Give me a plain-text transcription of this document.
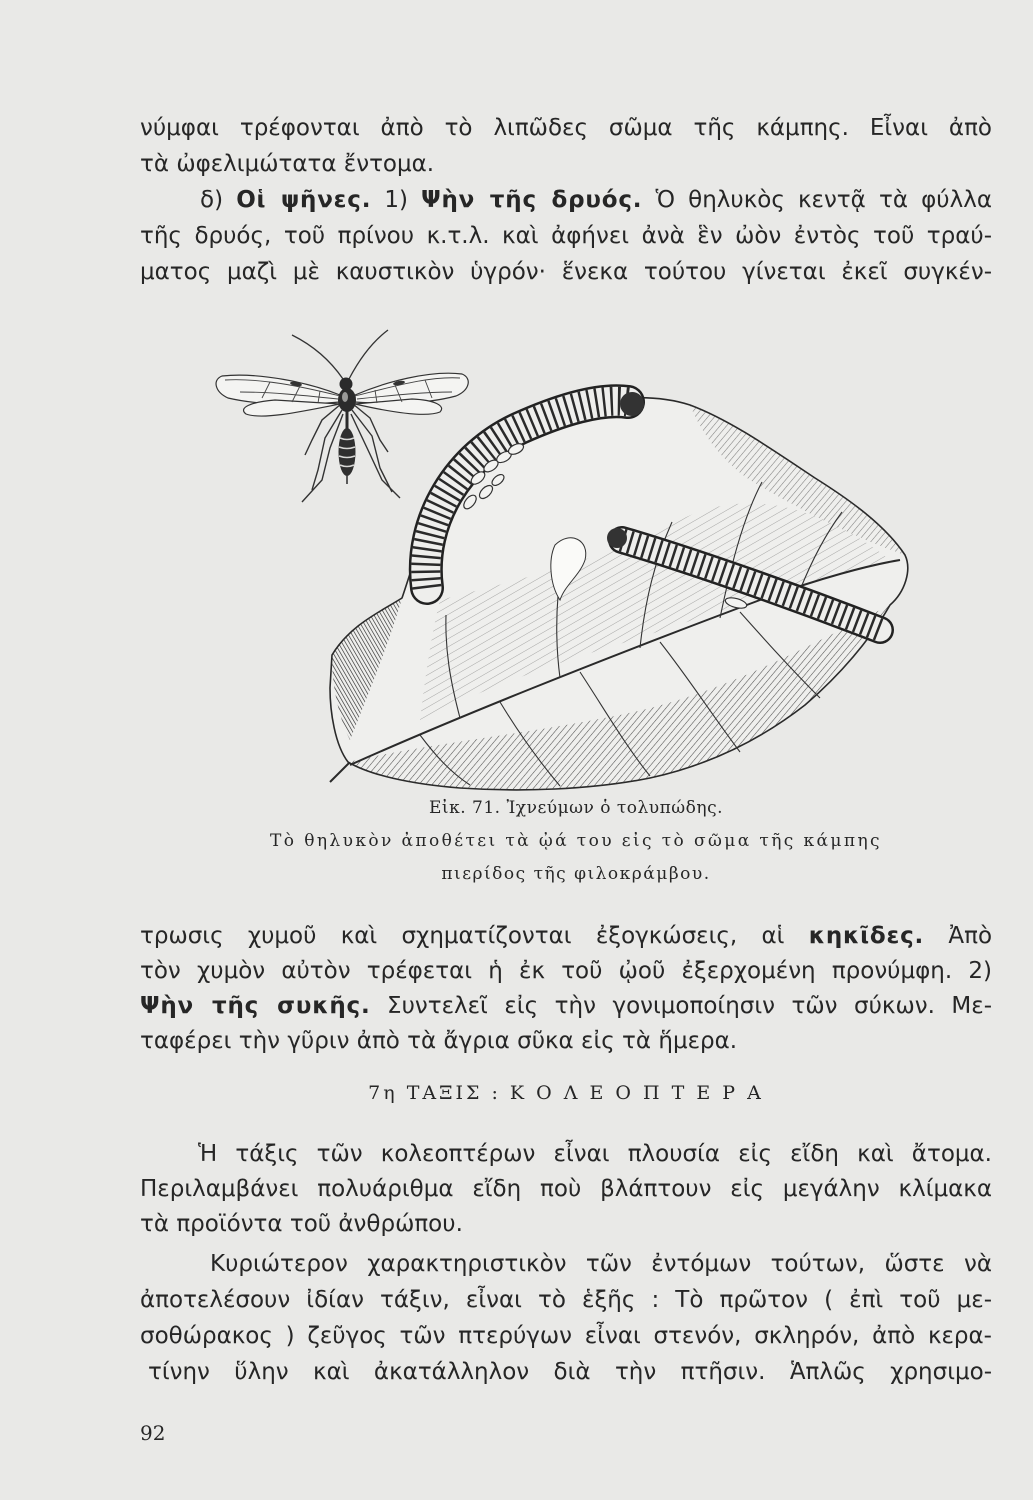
νύμφαι τρέφονται ἀπὸ τὸ λιπῶδες σῶμα τῆς κάμπης. Εἶναι ἀπὸ
τὰ ὠφελιμώτατα ἔντομα.
δ) Οἱ ψῆνες. 1) Ψὴν τῆς δρυός. Ὁ θηλυκὸς κεντᾷ τὰ φύλλα
τῆς δρυός, τοῦ πρίνου κ.τ.λ. καὶ ἀφήνει ἀνὰ ἓν ὠὸν ἐντὸς τοῦ τραύ-
ματος μαζὶ μὲ καυστικὸν ὑγρόν· ἕνεκα τούτου γίνεται ἐκεῖ συγκέν-
Εἰκ. 71. Ἰχνεύμων ὁ τολυπώδης.
Τὸ θηλυκὸν ἀποθέτει τὰ ᾠά του εἰς τὸ σῶμα τῆς κάμπης
πιερίδος τῆς φιλοκράμβου.
τρωσις χυμοῦ καὶ σχηματίζονται ἐξογκώσεις, αἱ κηκῖδες. Ἀπὸ
τὸν χυμὸν αὐτὸν τρέφεται ἡ ἐκ τοῦ ᾠοῦ ἐξερχομένη προνύμφη. 2)
Ψὴν τῆς συκῆς. Συντελεῖ εἰς τὴν γονιμοποίησιν τῶν σύκων. Με-
ταφέρει τὴν γῦριν ἀπὸ τὰ ἄγρια σῦκα εἰς τὰ ἥμερα.
7η ΤΑΞΙΣ : Κ Ο Λ Ε Ο Π Τ Ε Ρ Α
Ἡ τάξις τῶν κολεοπτέρων εἶναι πλουσία εἰς εἴδη καὶ ἄτομα.
Περιλαμβάνει πολυάριθμα εἴδη ποὺ βλάπτουν εἰς μεγάλην κλίμακα
τὰ προϊόντα τοῦ ἀνθρώπου.
Κυριώτερον χαρακτηριστικὸν τῶν ἐντόμων τούτων, ὥστε νὰ
ἀποτελέσουν ἰδίαν τάξιν, εἶναι τὸ ἑξῆς : Τὸ πρῶτον ( ἐπὶ τοῦ με-
σοθώρακος ) ζεῦγος τῶν πτερύγων εἶναι στενόν, σκληρόν, ἀπὸ κερα-
τίνην ὕλην καὶ ἀκατάλληλον διὰ τὴν πτῆσιν. Ἁπλῶς χρησιμο-
92
